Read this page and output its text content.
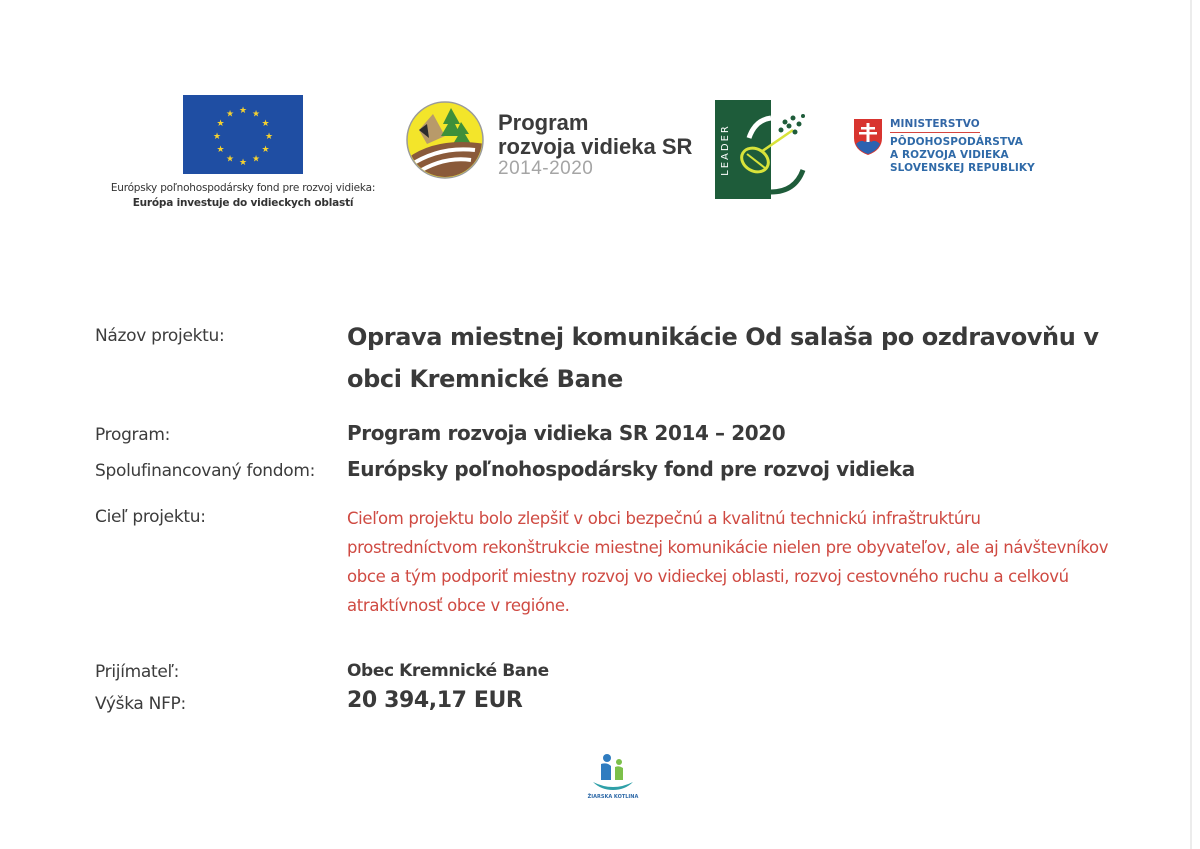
★ ★
★
★
★
★
★
★
★
★
★
★
Európsky poľnohospodársky fond pre rozvoj vidieka:
Európa investuje do vidieckych oblastí
Program
rozvoja vidieka SR
2014-2020	LEADER
MINISTERSTVO
PÔDOHOSPODÁRSTVA
A ROZVOJA VIDIEKA
SLOVENSKEJ REPUBLIKY
Názov projektu:	Oprava miestnej komunikácie Od salaša po ozdravovňu v
obci Kremnické Bane
Program:	Program rozvoja vidieka SR 2014 – 2020
Spolufinancovaný fondom: Európsky poľnohospodársky fond pre rozvoj vidieka
Cieľ projektu:	Cieľom projektu bolo zlepšiť v obci bezpečnú a kvalitnú technickú infraštruktúru
prostredníctvom rekonštrukcie miestnej komunikácie nielen pre obyvateľov, ale aj návštevníkov
obce a tým podporiť miestny rozvoj vo vidieckej oblasti, rozvoj cestovného ruchu a celkovú
atraktívnosť obce v regióne.
Prijímateľ:	Obec Kremnické Bane
Výška NFP:	20 394,17 EUR
ŽIARSKA KOTLINA
